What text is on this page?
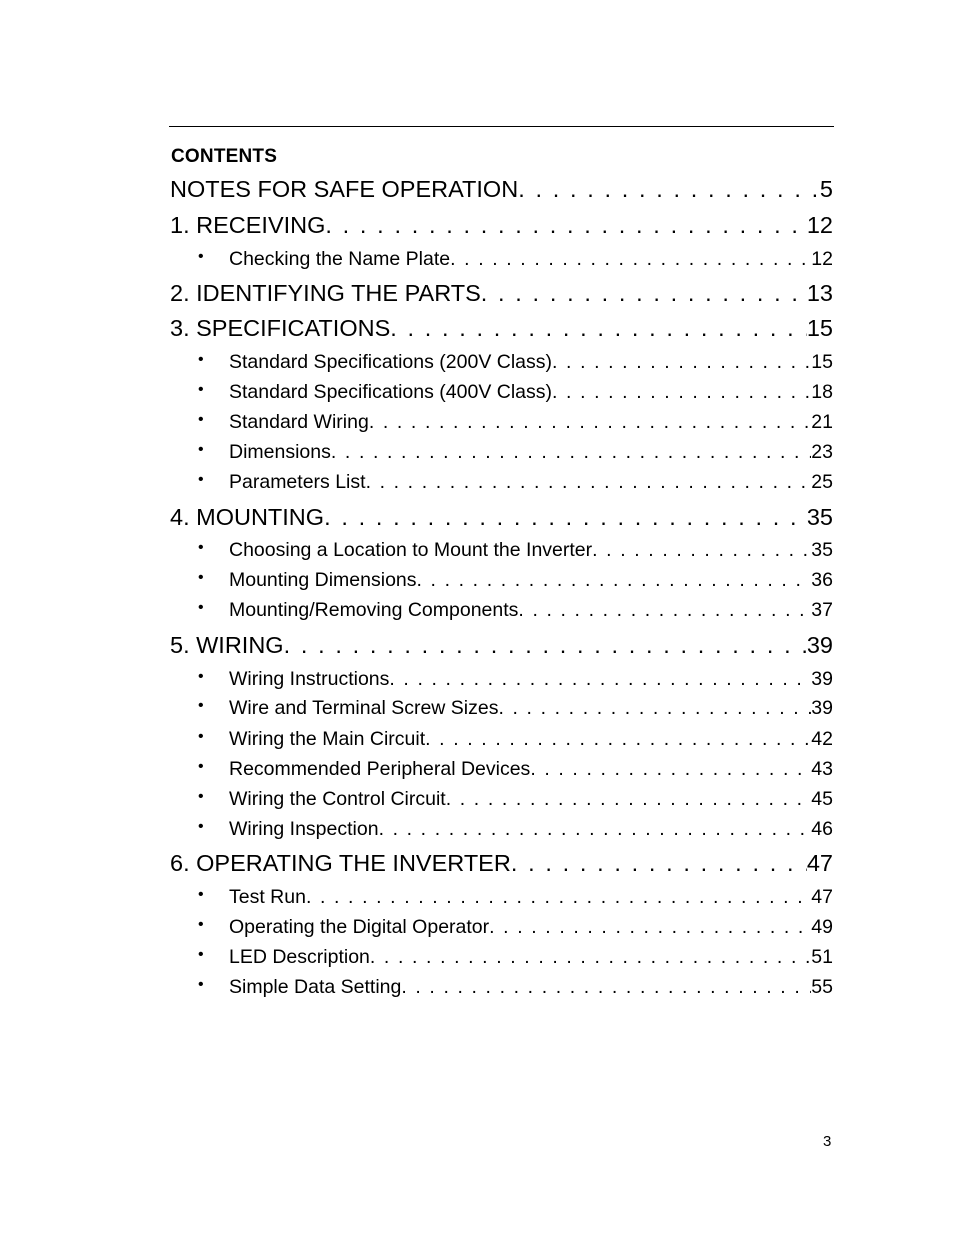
CONTENTS
NOTES FOR SAFE OPERATION . . .	5
1. RECEIVING . . .	12
• Checking the Name Plate . . .	12
2. IDENTIFYING THE PARTS . . .	13
3. SPECIFICATIONS . . .	15
• Standard Specifications (200V Class) . . .	15
• Standard Specifications (400V Class) . . .	18
• Standard Wiring . . .	21
• Dimensions . . .	23
• Parameters List . . .	25
4. MOUNTING . . .	35
• Choosing a Location to Mount the Inverter . . .	35
• Mounting Dimensions . . .	36
• Mounting/Removing Components . . .	37
5. WIRING . . .	39
• Wiring Instructions . . .	39
• Wire and Terminal Screw Sizes . . .	39
• Wiring the Main Circuit . . .	42
• Recommended Peripheral Devices . . .	43
• Wiring the Control Circuit . . .	45
• Wiring Inspection . . .	46
6. OPERATING THE INVERTER . . .	47
• Test Run . . .	47
• Operating the Digital Operator . . .	49
• LED Description . . .	51
• Simple Data Setting . . .	55
3
